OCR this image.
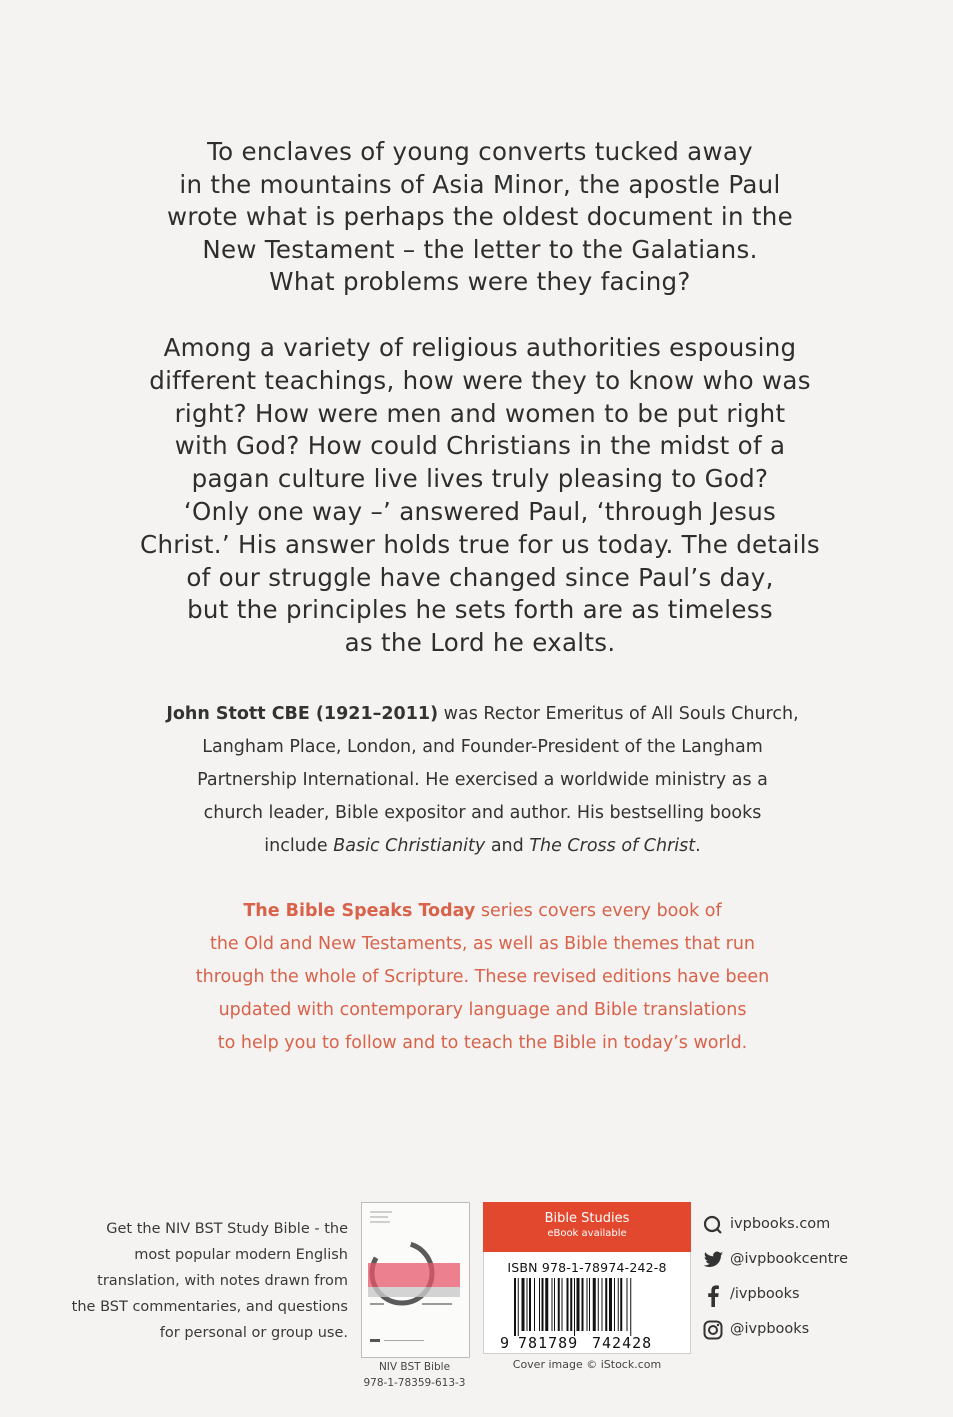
To enclaves of young converts tucked away
in the mountains of Asia Minor, the apostle Paul
wrote what is perhaps the oldest document in the
New Testament – the letter to the Galatians.
What problems were they facing?
Among a variety of religious authorities espousing
different teachings, how were they to know who was
right? How were men and women to be put right
with God? How could Christians in the midst of a
pagan culture live lives truly pleasing to God?
‘Only one way –’ answered Paul, ‘through Jesus
Christ.’ His answer holds true for us today. The details
of our struggle have changed since Paul’s day,
but the principles he sets forth are as timeless
as the Lord he exalts.
John Stott CBE (1921–2011) was Rector Emeritus of All Souls Church,
Langham Place, London, and Founder-President of the Langham
Partnership International. He exercised a worldwide ministry as a
church leader, Bible expositor and author. His bestselling books
include Basic Christianity and The Cross of Christ.
The Bible Speaks Today series covers every book of
the Old and New Testaments, as well as Bible themes that run
through the whole of Scripture. These revised editions have been
updated with contemporary language and Bible translations
to help you to follow and to teach the Bible in today’s world.
Get the NIV BST Study Bible - the
most popular modern English
translation, with notes drawn from
the BST commentaries, and questions
for personal or group use.
NIV BST Bible
978-1-78359-613-3
Bible Studies
eBook available
ISBN 978-1-78974-242-8
9 781789 742428
Cover image © iStock.com
ivpbooks.com
@ivpbookcentre
/ivpbooks
@ivpbooks
